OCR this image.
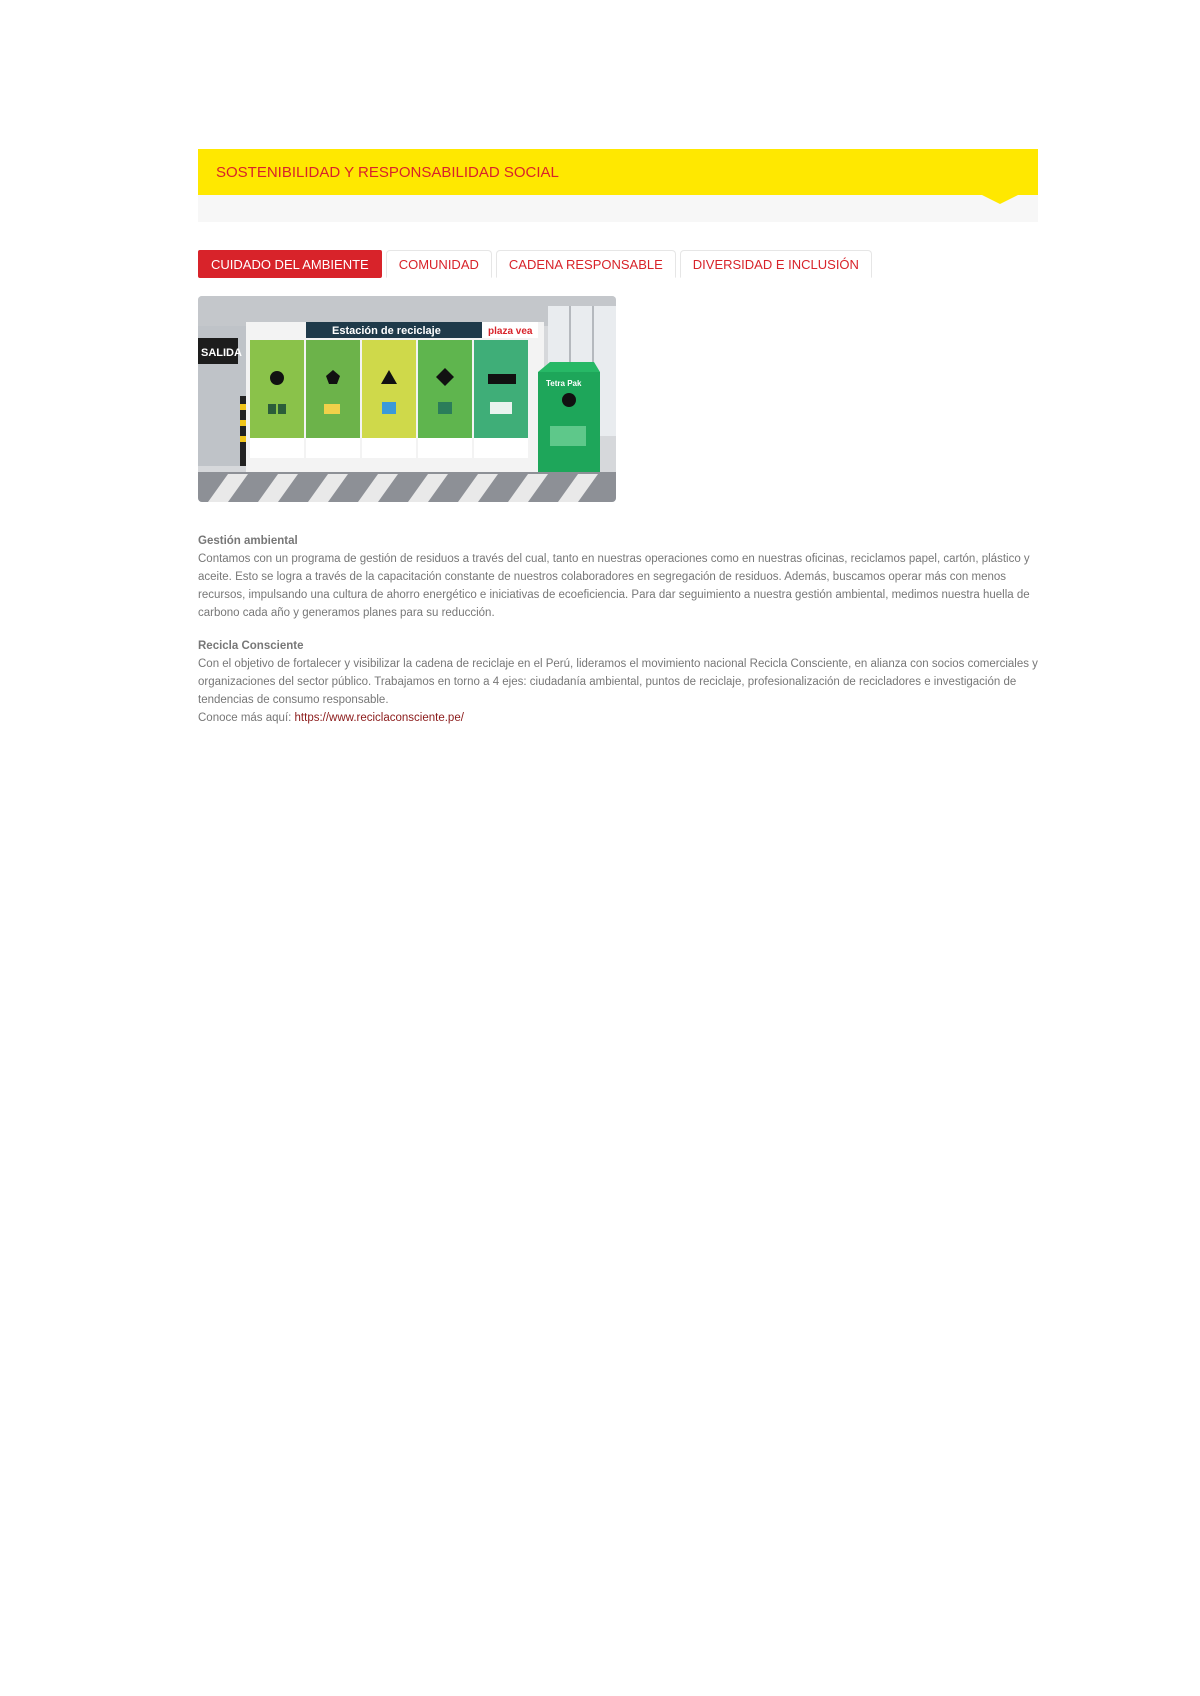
SOSTENIBILIDAD Y RESPONSABILIDAD SOCIAL
CUIDADO DEL AMBIENTE	COMUNIDAD	CADENA RESPONSABLE	DIVERSIDAD E INCLUSIÓN
SALIDA
Estación de reciclaje	plaza vea
Tetra Pak

Gestión ambiental

Contamos con un programa de gestión de residuos a través del cual, tanto en nuestras operaciones como en nuestras oficinas, reciclamos papel, cartón, plástico y aceite. Esto se logra a través de la capacitación constante de nuestros colaboradores en segregación de residuos. Además, buscamos operar más con menos recursos, impulsando una cultura de ahorro energético e iniciativas de ecoeficiencia. Para dar seguimiento a nuestra gestión ambiental, medimos nuestra huella de carbono cada año y generamos planes para su reducción.

Recicla Consciente

Con el objetivo de fortalecer y visibilizar la cadena de reciclaje en el Perú, lideramos el movimiento nacional Recicla Consciente, en alianza con socios comerciales y organizaciones del sector público. Trabajamos en torno a 4 ejes: ciudadanía ambiental, puntos de reciclaje, profesionalización de recicladores e investigación de tendencias de consumo responsable.

Conoce más aquí: https://www.reciclaconsciente.pe/
